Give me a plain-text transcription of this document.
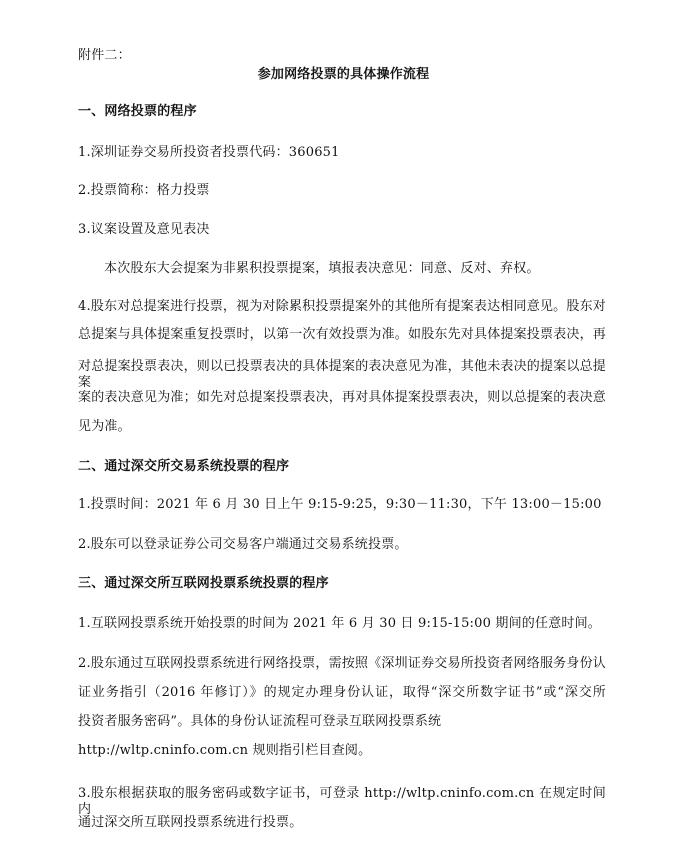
附件二：
参加网络投票的具体操作流程
一、网络投票的程序
1.深圳证券交易所投资者投票代码：360651
2.投票简称：格力投票
3.议案设置及意见表决
本次股东大会提案为非累积投票提案，填报表决意见：同意、反对、弃权。
4.股东对总提案进行投票，视为对除累积投票提案外的其他所有提案表达相同意见。股东对
总提案与具体提案重复投票时，以第一次有效投票为准。如股东先对具体提案投票表决，再
对总提案投票表决，则以已投票表决的具体提案的表决意见为准，其他未表决的提案以总提案
案的表决意见为准；如先对总提案投票表决，再对具体提案投票表决，则以总提案的表决意
见为准。
二、通过深交所交易系统投票的程序
1.投票时间：2021 年 6 月 30 日上午 9:15-9:25，9:30－11:30，下午 13:00－15:00
2.股东可以登录证券公司交易客户端通过交易系统投票。
三、通过深交所互联网投票系统投票的程序
1.互联网投票系统开始投票的时间为 2021 年 6 月 30 日 9:15-15:00 期间的任意时间。
2.股东通过互联网投票系统进行网络投票，需按照《深圳证券交易所投资者网络服务身份认
证业务指引（2016 年修订）》的规定办理身份认证，取得“深交所数字证书”或“深交所
投资者服务密码”。具体的身份认证流程可登录互联网投票系统
http://wltp.cninfo.com.cn 规则指引栏目查阅。
3.股东根据获取的服务密码或数字证书，可登录 http://wltp.cninfo.com.cn 在规定时间内
通过深交所互联网投票系统进行投票。
